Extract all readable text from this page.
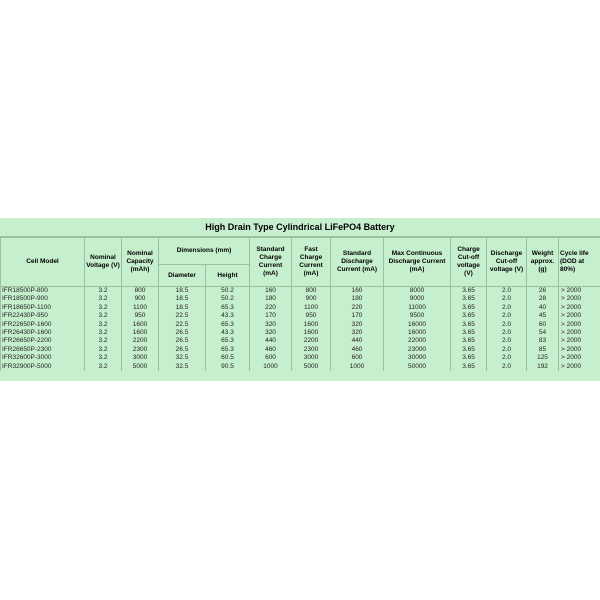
High Drain Type Cylindrical LiFePO4 Battery
Cell Model	Nominal Voltage (V)	Nominal Capacity (mAh)	Dimensions (mm)		Standard Charge Current (mA)	Fast Charge Current (mA)	Standard Discharge Current (mA)	Max Continuous Discharge Current (mA)	Charge Cut-off voltage (V)	Discharge Cut-off voltage (V)	Weight approx. (g)	Cycle life (DOD at 80%)
			Diameter	Height								
IFR18500P-800	3.2	800	18.5	50.2	160	800	160	8000	3.65	2.0	26	> 2000
IFR18500P-900	3.2	900	18.5	50.2	180	900	180	9000	3.65	2.0	28	> 2000
IFR18650P-1100	3.2	1100	18.5	65.3	220	1100	220	11000	3.65	2.0	40	> 2000
IFR22430P-950	3.2	950	22.5	43.3	170	950	170	9500	3.65	2.0	45	> 2000
IFR22650P-1600	3.2	1600	22.5	65.3	320	1600	320	16000	3.65	2.0	60	> 2000
IFR26430P-1600	3.2	1600	26.5	43.3	320	1600	320	16000	3.65	2.0	54	> 2000
IFR26650P-2200	3.2	2200	26.5	65.3	440	2200	440	22000	3.65	2.0	83	> 2000
IFR26650P-2300	3.2	2300	26.5	65.3	460	2300	460	23000	3.65	2.0	85	> 2000
IFR32600P-3000	3.2	3000	32.5	60.5	600	3000	600	30000	3.65	2.0	125	> 2000
IFR32900P-5000	3.2	5000	32.5	90.5	1000	5000	1000	50000	3.65	2.0	192	> 2000
